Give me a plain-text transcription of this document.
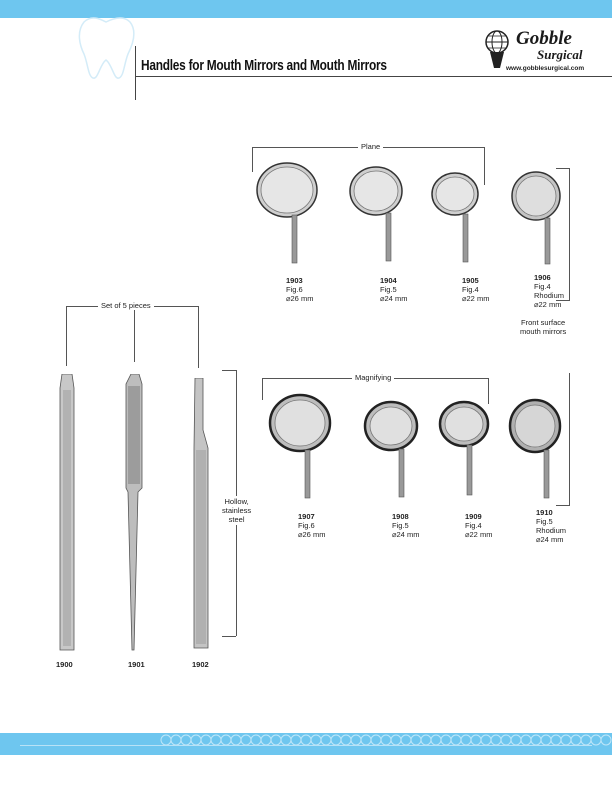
Handles for Mouth Mirrors and Mouth Mirrors
Gobble
Surgical
www.gobblesurgical.com
Plane
1903
Fig.6
⌀26 mm
1904
Fig.5
⌀24 mm
1905
Fig.4
⌀22 mm
1906
Fig.4
Rhodium
⌀22 mm
Front surface
mouth mirrors
Magnifying
1907
Fig.6
⌀26 mm
1908
Fig.5
⌀24 mm
1909
Fig.4
⌀22 mm
1910
Fig.5
Rhodium
⌀24 mm
Set of 5 pieces
Hollow,
stainless
steel
1900	1901	1902
